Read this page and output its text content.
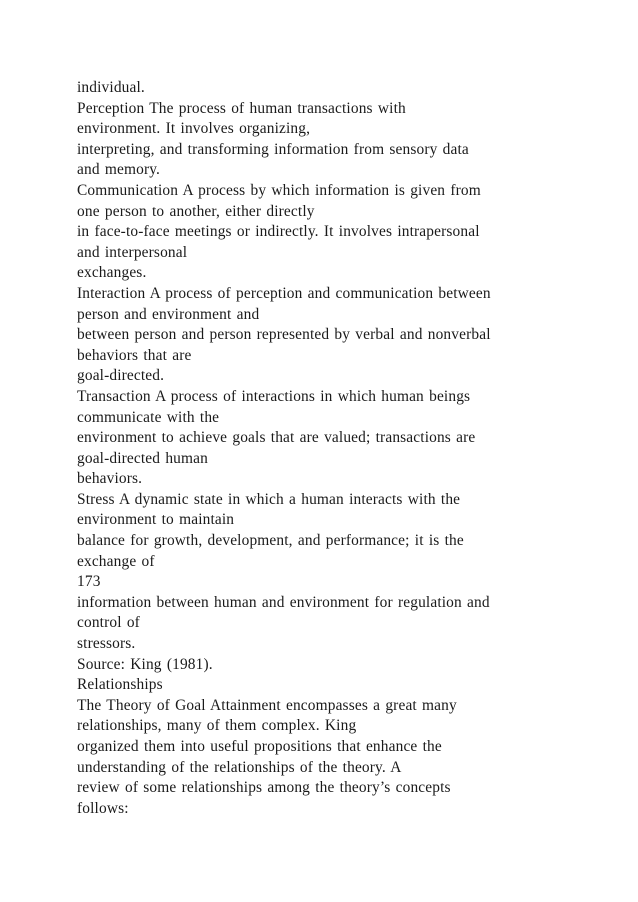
individual.
Perception The process of human transactions with
environment. It involves organizing,
interpreting, and transforming information from sensory data
and memory.
Communication A process by which information is given from
one person to another, either directly
in face-to-face meetings or indirectly. It involves intrapersonal
and interpersonal
exchanges.
Interaction A process of perception and communication between
person and environment and
between person and person represented by verbal and nonverbal
behaviors that are
goal-directed.
Transaction A process of interactions in which human beings
communicate with the
environment to achieve goals that are valued; transactions are
goal-directed human
behaviors.
Stress A dynamic state in which a human interacts with the
environment to maintain
balance for growth, development, and performance; it is the
exchange of
173
information between human and environment for regulation and
control of
stressors.
Source: King (1981).
Relationships
The Theory of Goal Attainment encompasses a great many
relationships, many of them complex. King
organized them into useful propositions that enhance the
understanding of the relationships of the theory. A
review of some relationships among the theory’s concepts
follows:
